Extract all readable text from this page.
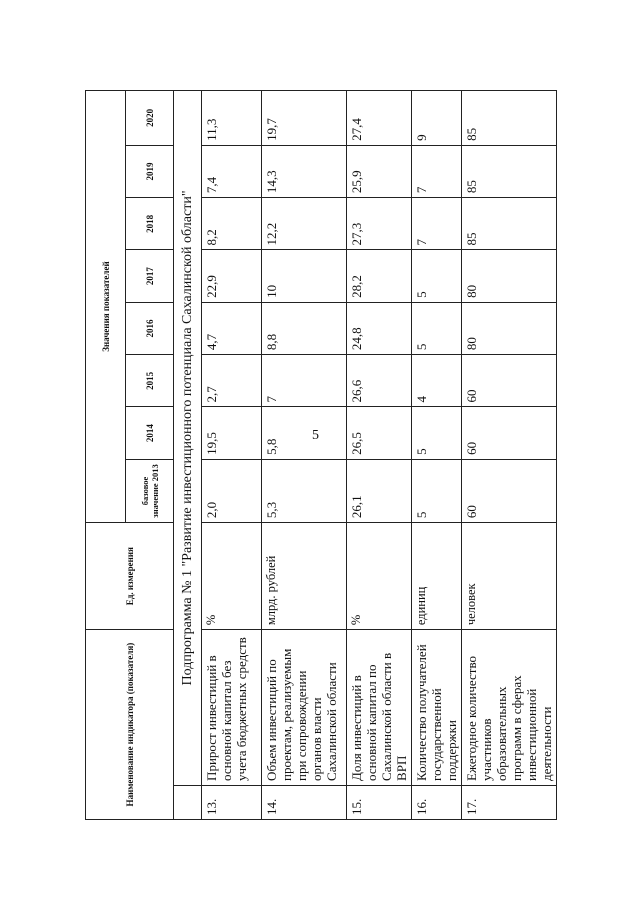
5
Наименование индикатора (показателя)		Ед. измерения	Значения показателей							
			базовое значение 2013	2014	2015	2016	2017	2018	2019	2020
	Подпрограмма № 1 "Развитие инвестиционного потенциала Сахалинской области"									
13.	Прирост инвестиций в основной капитал без учета бюджетных средств	%	2,0	19,5	2,7	4,7	22,9	8,2	7,4	11,3
14.	Объем инвестиций по проектам, реализуемым при сопровождении органов власти Сахалинской области	млрд. рублей	5,3	5,8	7	8,8	10	12,2	14,3	19,7
15.	Доля инвестиций в основной капитал по Сахалинской области в ВРП	%	26,1	26,5	26,6	24,8	28,2	27,3	25,9	27,4
16.	Количество получателей государственной поддержки	единиц	5	5	4	5	5	7	7	9
17.	Ежегодное количество участников образовательных программ в сферах инвестиционной деятельности	человек	60	60	60	80	80	85	85	85
